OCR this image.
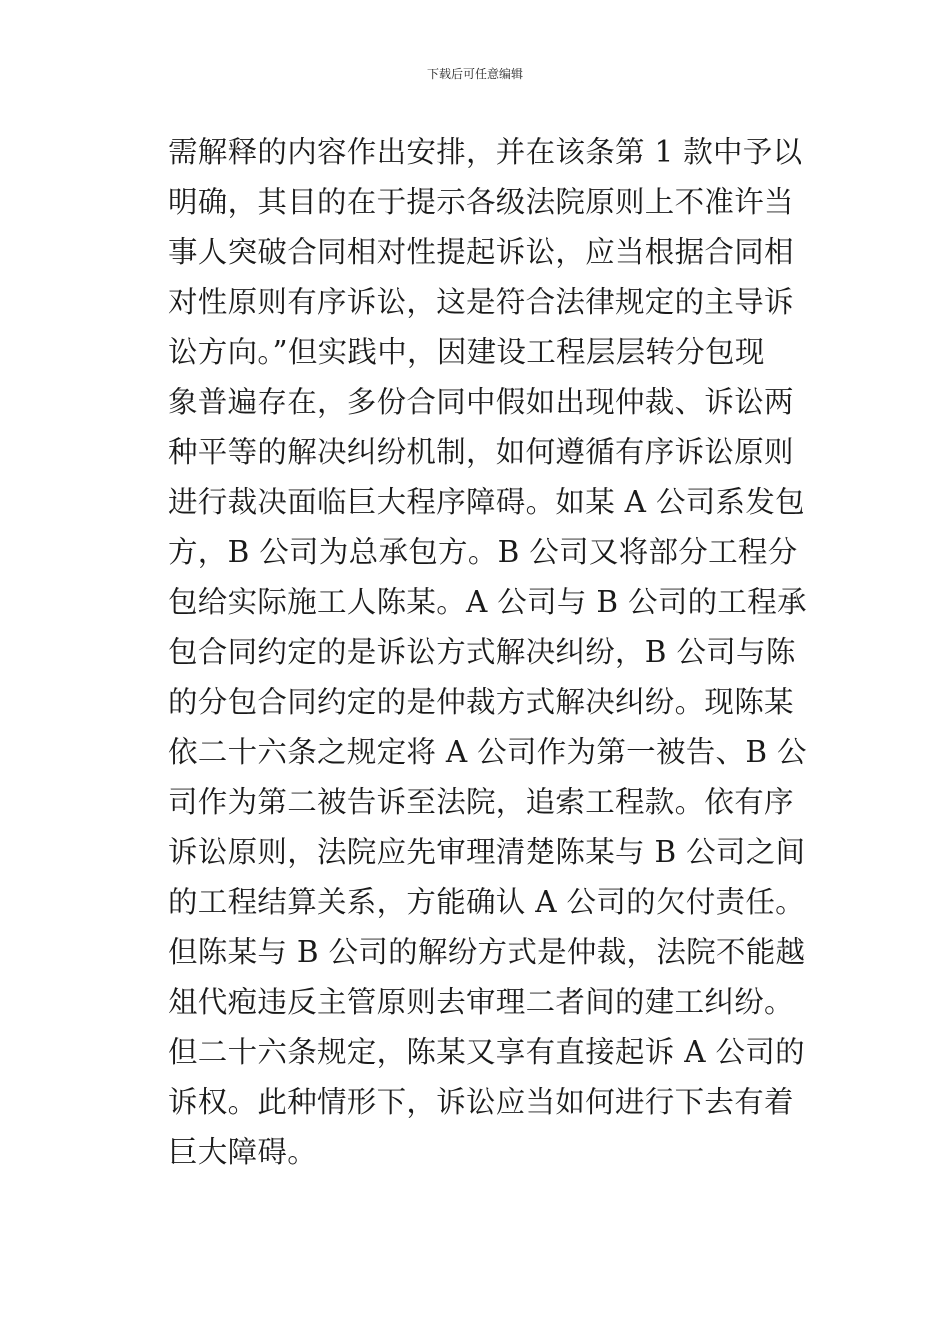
下载后可任意编辑
需解释的内容作出安排，并在该条第 1 款中予以
明确，其目的在于提示各级法院原则上不准许当
事人突破合同相对性提起诉讼，应当根据合同相
对性原则有序诉讼，这是符合法律规定的主导诉
讼方向。”但实践中，因建设工程层层转分包现
象普遍存在，多份合同中假如出现仲裁、诉讼两
种平等的解决纠纷机制，如何遵循有序诉讼原则
进行裁决面临巨大程序障碍。如某 A 公司系发包
方，B 公司为总承包方。B 公司又将部分工程分
包给实际施工人陈某。A 公司与 B 公司的工程承
包合同约定的是诉讼方式解决纠纷，B 公司与陈
的分包合同约定的是仲裁方式解决纠纷。现陈某
依二十六条之规定将 A 公司作为第一被告、B 公
司作为第二被告诉至法院，追索工程款。依有序
诉讼原则，法院应先审理清楚陈某与 B 公司之间
的工程结算关系，方能确认 A 公司的欠付责任。
但陈某与 B 公司的解纷方式是仲裁，法院不能越
俎代疱违反主管原则去审理二者间的建工纠纷。
但二十六条规定，陈某又享有直接起诉 A 公司的
诉权。此种情形下，诉讼应当如何进行下去有着
巨大障碍。
